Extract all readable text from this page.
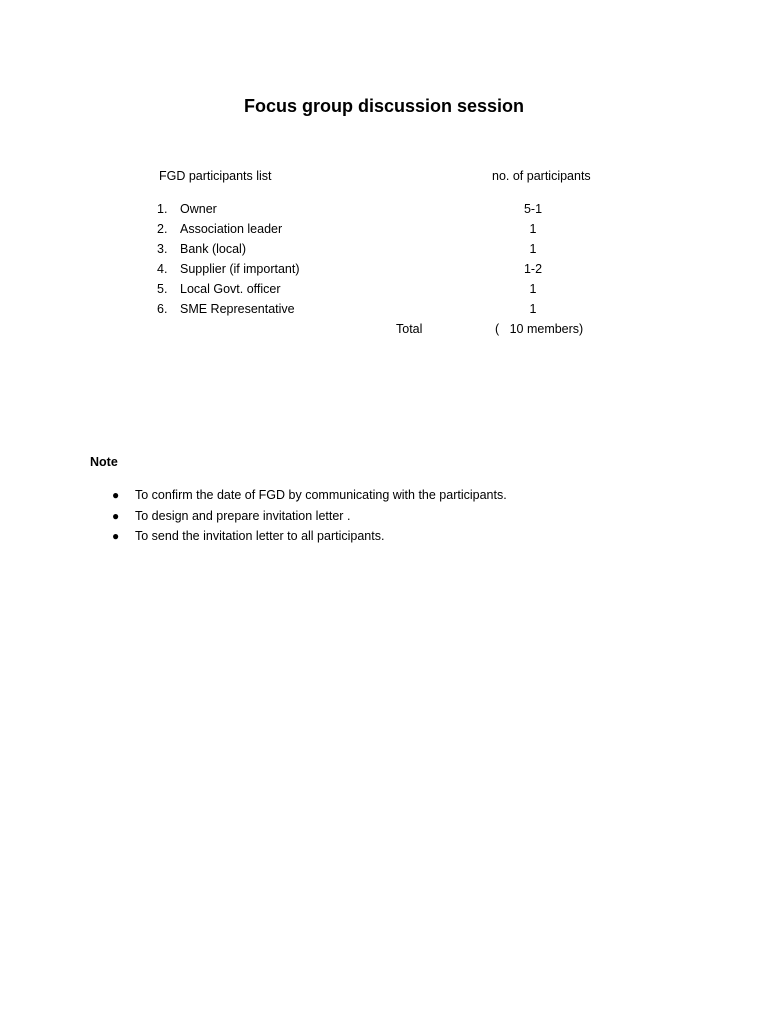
Focus group discussion session
FGD participants list	no. of participants
1.	Owner	5-1
2.	Association leader	1
3.	Bank (local)	1
4.	Supplier (if important)	1-2
5.	Local Govt. officer	1
6.	SME Representative	1
Total	(   10 members)
Note
● To confirm the date of FGD by communicating with the participants.
● To design and prepare invitation letter .
● To send the invitation letter to all participants.
